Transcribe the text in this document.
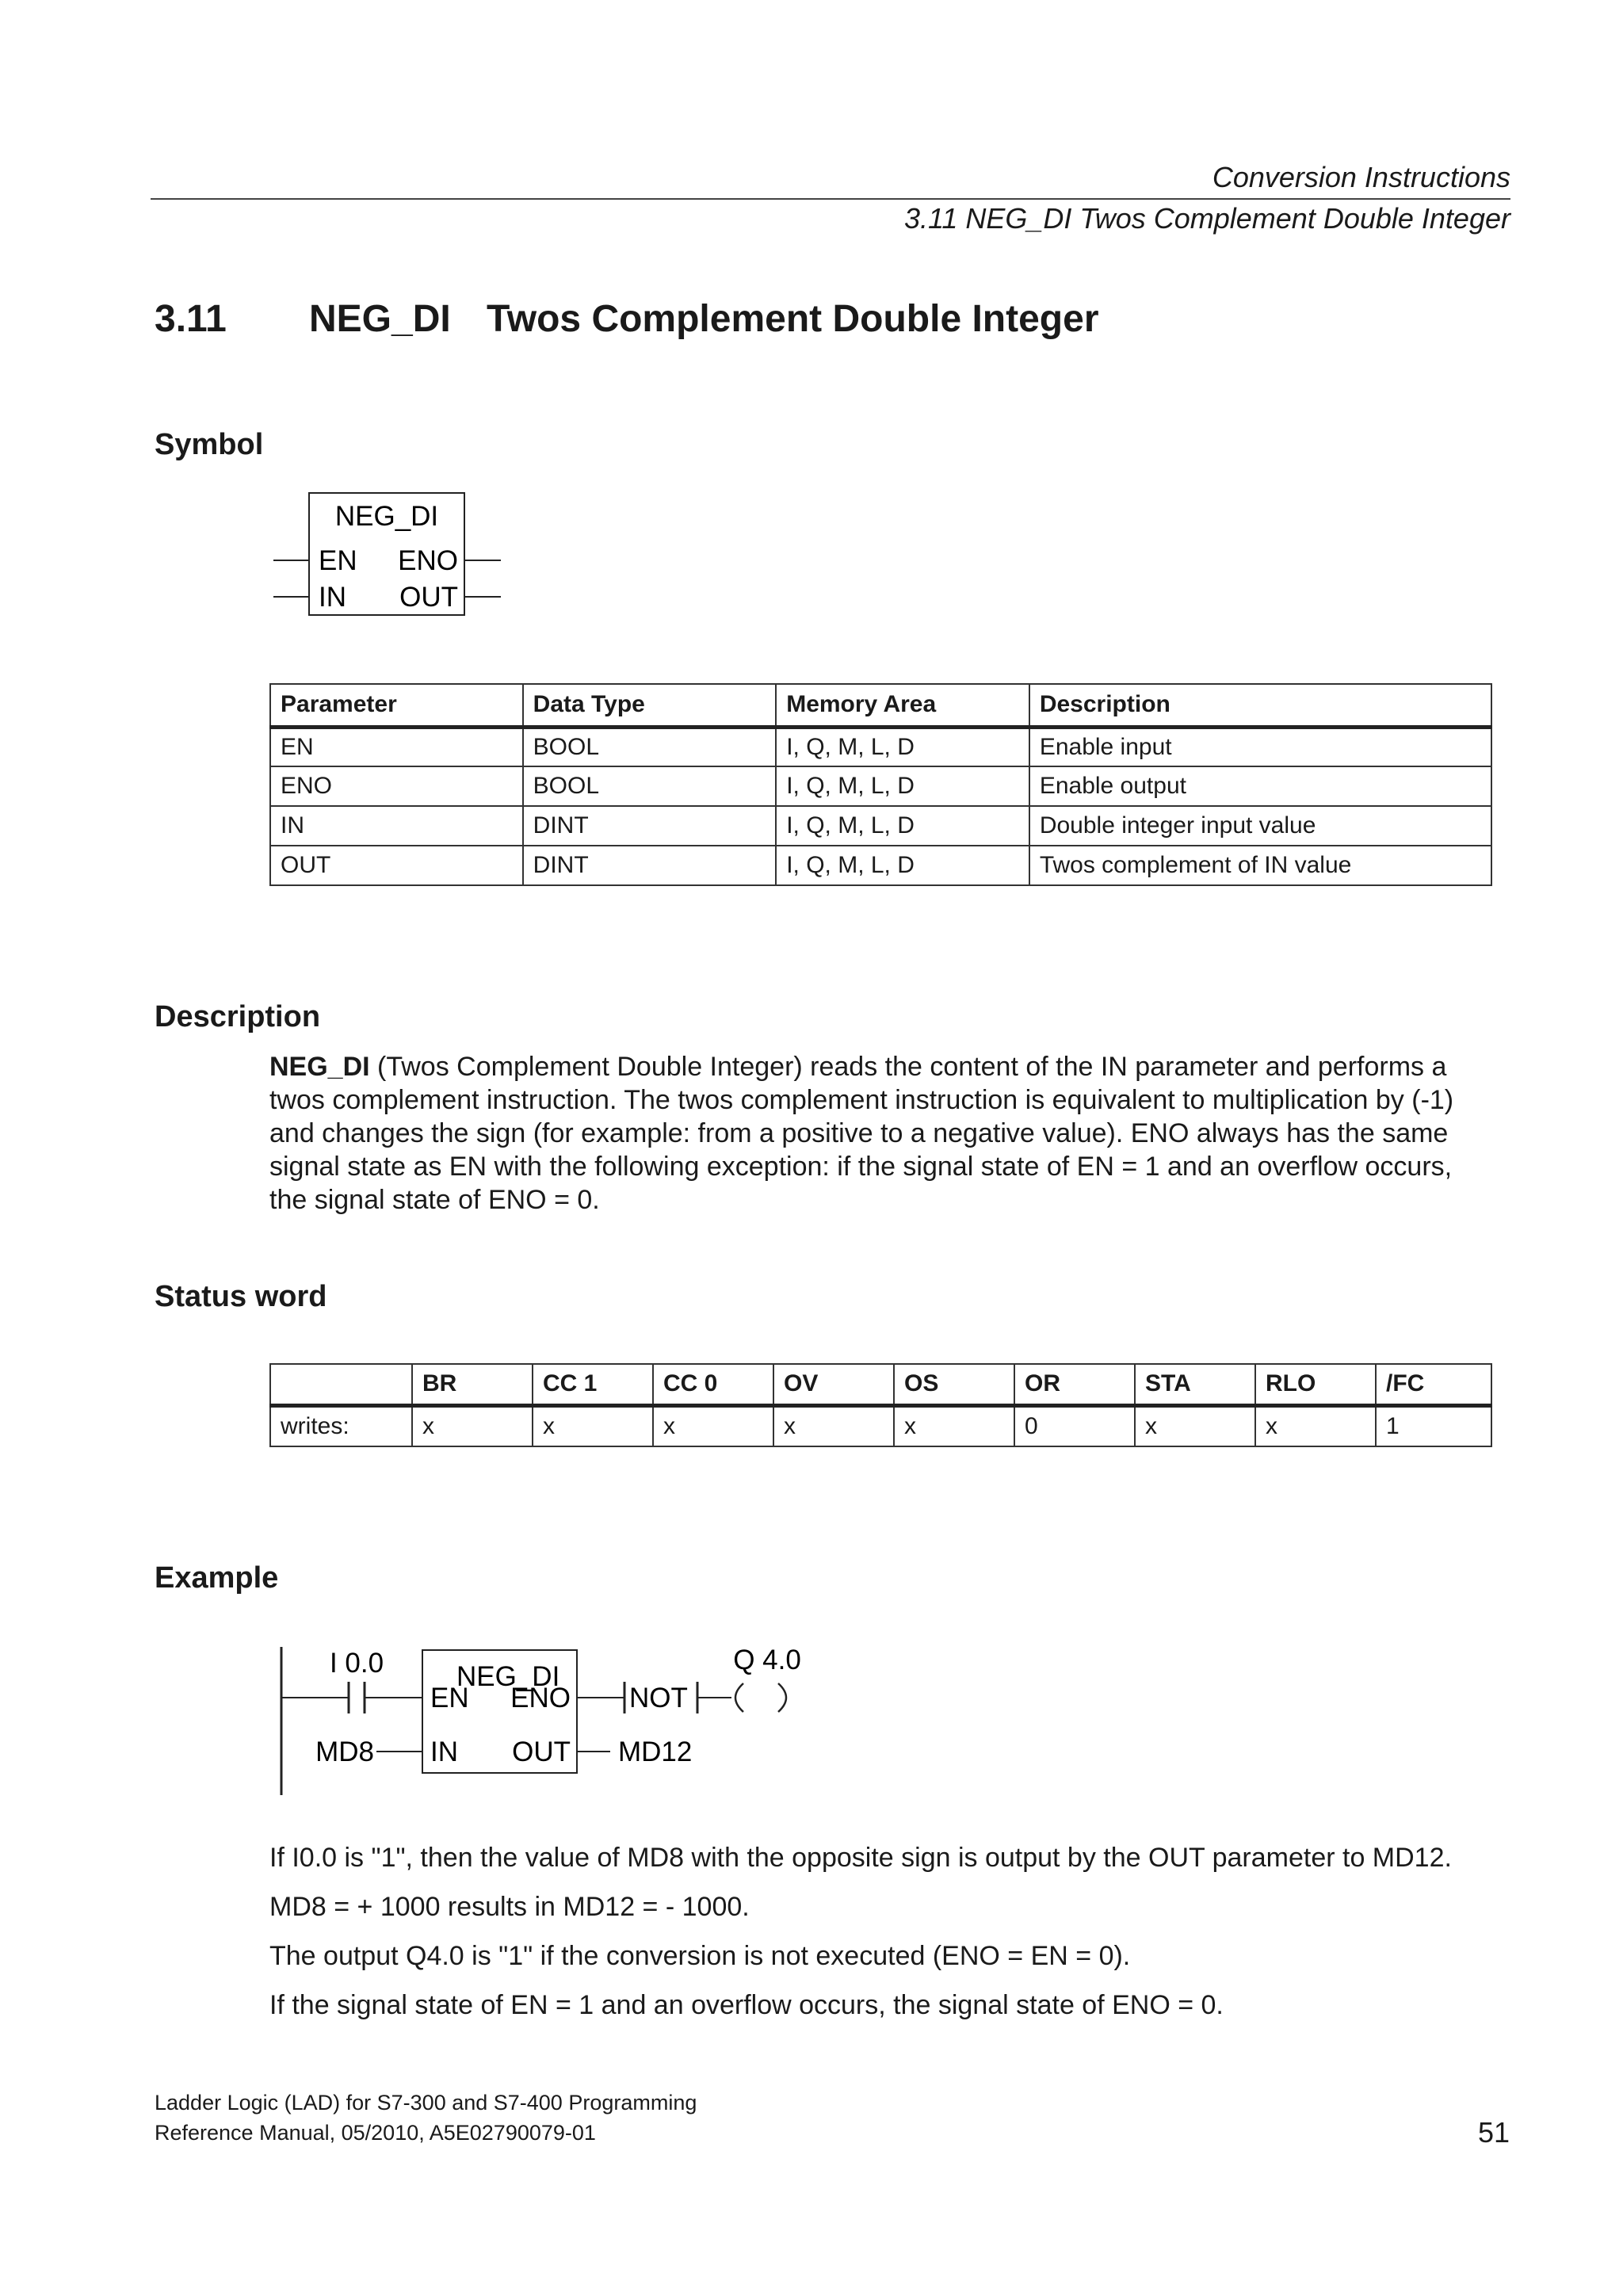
Conversion Instructions
3.11 NEG_DI Twos Complement Double Integer
3.11 NEG_DI Twos Complement Double Integer
Symbol
NEG_DI
EN ENO
IN OUT
Parameter	Data Type	Memory Area	Description
EN	BOOL	I, Q, M, L, D	Enable input
ENO	BOOL	I, Q, M, L, D	Enable output
IN	DINT	I, Q, M, L, D	Double integer input value
OUT	DINT	I, Q, M, L, D	Twos complement of IN value
Description
NEG_DI (Twos Complement Double Integer) reads the content of the IN parameter and performs a twos complement instruction. The twos complement instruction is equivalent to multiplication by (-1) and changes the sign (for example: from a positive to a negative value). ENO always has the same signal state as EN with the following exception: if the signal state of EN = 1 and an overflow occurs, the signal state of ENO = 0.
Status word
	BR	CC 1	CC 0	OV	OS	OR	STA	RLO	/FC
writes:	x	x	x	x	x	0	x	x	1
Example
I 0.0	NEG_DI
EN ENO
IN OUT
MD8	MD12
NOT
Q 4.0
If I0.0 is "1", then the value of MD8 with the opposite sign is output by the OUT parameter to MD12.
MD8 = + 1000 results in MD12 = - 1000.
The output Q4.0 is "1" if the conversion is not executed (ENO = EN = 0).
If the signal state of EN = 1 and an overflow occurs, the signal state of ENO = 0.
Ladder Logic (LAD) for S7-300 and S7-400 Programming
Reference Manual, 05/2010, A5E02790079-01	51
